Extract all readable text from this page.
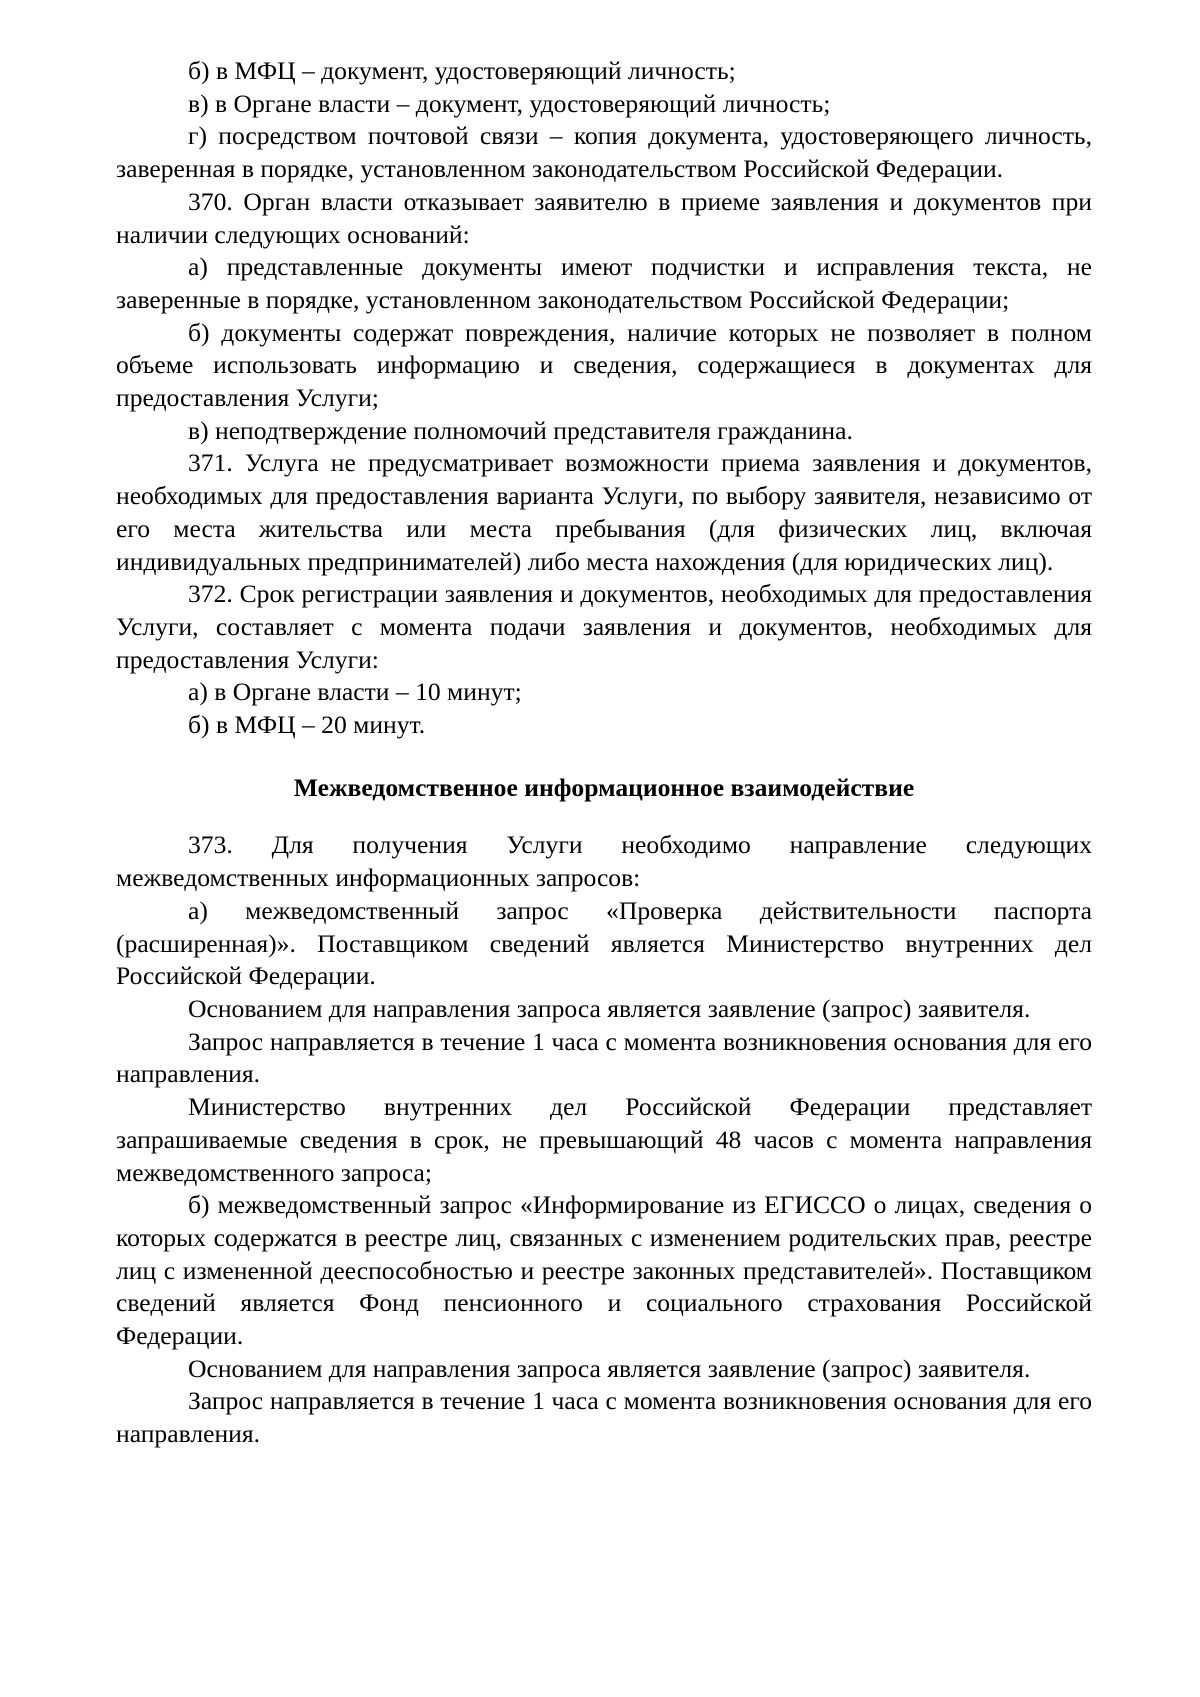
б) в МФЦ – документ, удостоверяющий личность;

в) в Органе власти – документ, удостоверяющий личность;

г) посредством почтовой связи – копия документа, удостоверяющего личность, заверенная в порядке, установленном законодательством Российской Федерации.

370. Орган власти отказывает заявителю в приеме заявления и документов при наличии следующих оснований:

а) представленные документы имеют подчистки и исправления текста, не заверенные в порядке, установленном законодательством Российской Федерации;

б) документы содержат повреждения, наличие которых не позволяет в полном объеме использовать информацию и сведения, содержащиеся в документах для предоставления Услуги;

в) неподтверждение полномочий представителя гражданина.

371. Услуга не предусматривает возможности приема заявления и документов, необходимых для предоставления варианта Услуги, по выбору заявителя, независимо от его места жительства или места пребывания (для физических лиц, включая индивидуальных предпринимателей) либо места нахождения (для юридических лиц).

372. Срок регистрации заявления и документов, необходимых для предоставления Услуги, составляет с момента подачи заявления и документов, необходимых для предоставления Услуги:

а) в Органе власти – 10 минут;

б) в МФЦ – 20 минут.

Межведомственное информационное взаимодействие

373. Для получения Услуги необходимо направление следующих межведомственных информационных запросов:

а) межведомственный запрос «Проверка действительности паспорта (расширенная)». Поставщиком сведений является Министерство внутренних дел Российской Федерации.

Основанием для направления запроса является заявление (запрос) заявителя.

Запрос направляется в течение 1 часа с момента возникновения основания для его направления.

Министерство внутренних дел Российской Федерации представляет запрашиваемые сведения в срок, не превышающий 48 часов с момента направления межведомственного запроса;

б) межведомственный запрос «Информирование из ЕГИССО о лицах, сведения о которых содержатся в реестре лиц, связанных с изменением родительских прав, реестре лиц с измененной дееспособностью и реестре законных представителей». Поставщиком сведений является Фонд пенсионного и социального страхования Российской Федерации.

Основанием для направления запроса является заявление (запрос) заявителя.

Запрос направляется в течение 1 часа с момента возникновения основания для его направления.
